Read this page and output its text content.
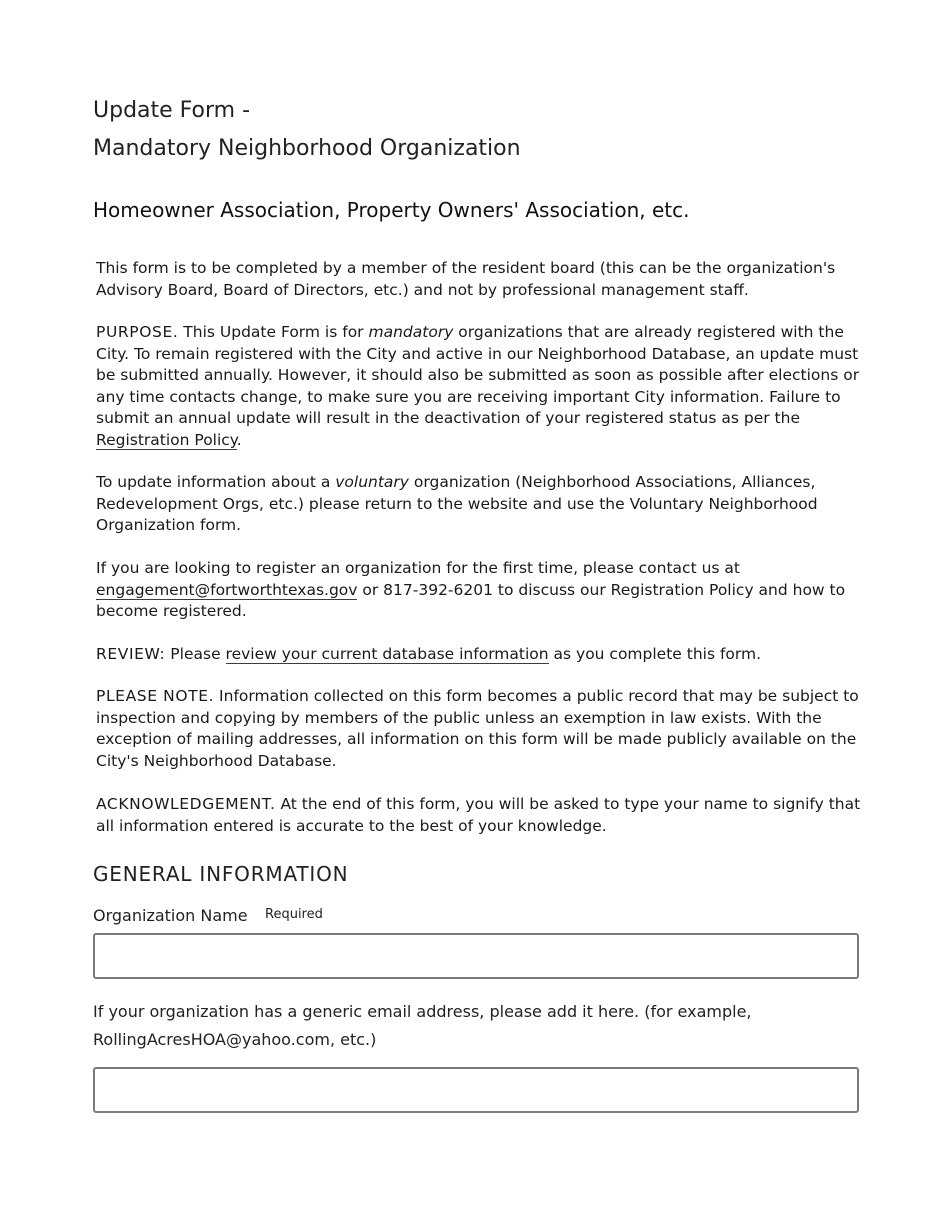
Update Form -
Mandatory Neighborhood Organization
Homeowner Association, Property Owners' Association, etc.

This form is to be completed by a member of the resident board (this can be the organization's Advisory Board, Board of Directors, etc.) and not by professional management staff.

PURPOSE. This Update Form is for mandatory organizations that are already registered with the City. To remain registered with the City and active in our Neighborhood Database, an update must be submitted annually. However, it should also be submitted as soon as possible after elections or any time contacts change, to make sure you are receiving important City information. Failure to submit an annual update will result in the deactivation of your registered status as per the Registration Policy.

To update information about a voluntary organization (Neighborhood Associations, Alliances, Redevelopment Orgs, etc.) please return to the website and use the Voluntary Neighborhood Organization form.

If you are looking to register an organization for the first time, please contact us at engagement@fortworthtexas.gov or 817-392-6201 to discuss our Registration Policy and how to become registered.

REVIEW: Please review your current database information as you complete this form.

PLEASE NOTE. Information collected on this form becomes a public record that may be subject to inspection and copying by members of the public unless an exemption in law exists. With the exception of mailing addresses, all information on this form will be made publicly available on the City's Neighborhood Database.

ACKNOWLEDGEMENT. At the end of this form, you will be asked to type your name to signify that all information entered is accurate to the best of your knowledge.

GENERAL INFORMATION
Organization Name Required
If your organization has a generic email address, please add it here. (for example, RollingAcresHOA@yahoo.com, etc.)
